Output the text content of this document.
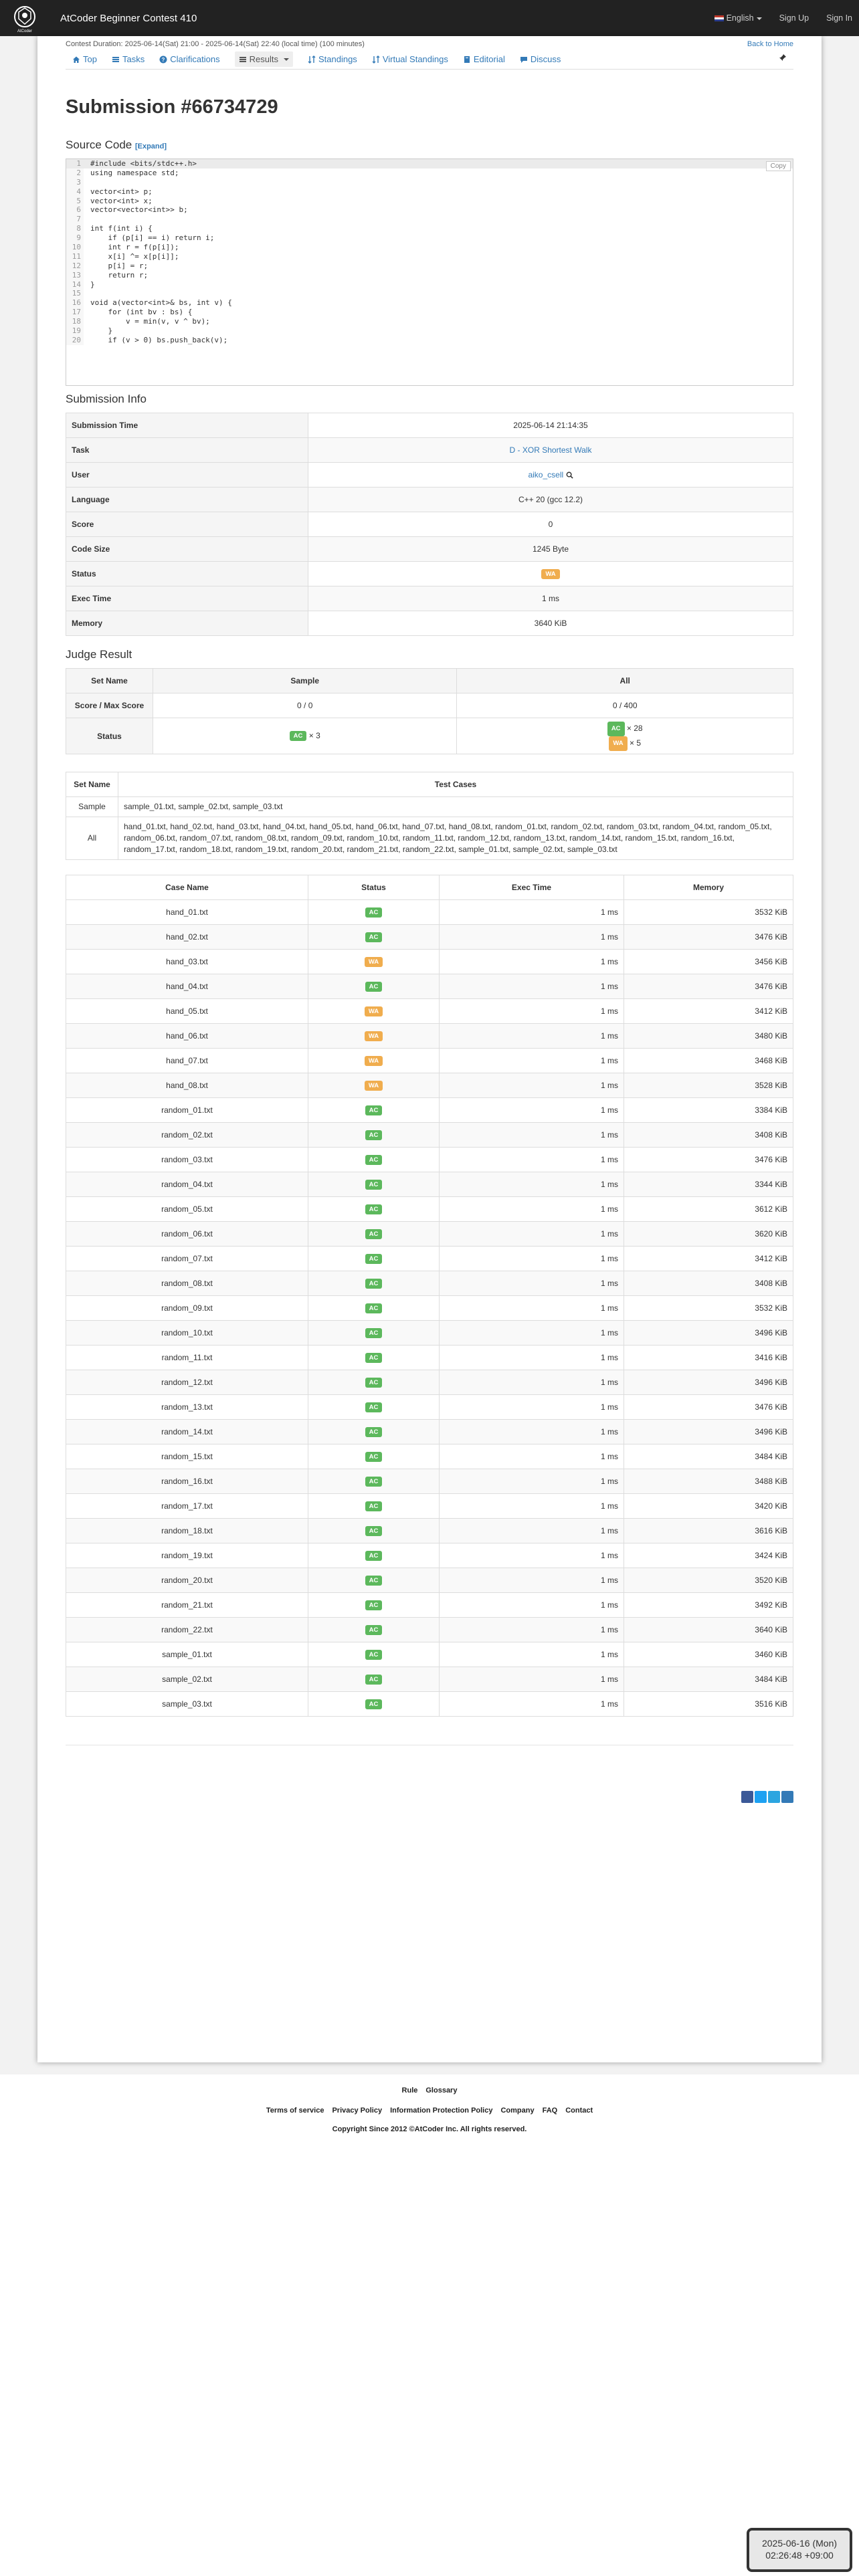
AtCoder
AtCoder Beginner Contest 410	English	Sign Up Sign In
Contest Duration: 2025-06-14(Sat) 21:00 - 2025-06-14(Sat) 22:40 (local time) (100 minutes)	Back to Home
Top	Tasks	? Clarifications	Results	Standings	Virtual Standings	Editorial	Discuss
Submission #66734729
Source Code [Expand]
Copy
1	#include <bits/stdc++.h>
2	using namespace std;
3
4	vector<int> p;
5	vector<int> x;
6	vector<vector<int>> b;
7
8	int f(int i) {
9	if (p[i] == i) return i;
10	int r = f(p[i]);
11	x[i] ^= x[p[i]];
12	p[i] = r;
13	return r;
14	}
15
16	void a(vector<int>& bs, int v) {
17	for (int bv : bs) {
18	v = min(v, v ^ bv);
19	}
20	if (v > 0) bs.push_back(v);
Submission Info
Submission Time	2025-06-14 21:14:35
Task	D - XOR Shortest Walk
User	aiko_csell
Language	C++ 20 (gcc 12.2)
Score	0
Code Size	1245 Byte
Status	WA
Exec Time	1 ms
Memory	3640 KiB
Judge Result
Set Name	Sample	All
Score / Max Score	0 / 0	0 / 400
Status	AC × 3	AC × 28
WA × 5
Set Name	Test Cases
Sample	sample_01.txt, sample_02.txt, sample_03.txt
All	hand_01.txt, hand_02.txt, hand_03.txt, hand_04.txt, hand_05.txt, hand_06.txt, hand_07.txt, hand_08.txt, random_01.txt, random_02.txt, random_03.txt, random_04.txt, random_05.txt, random_06.txt, random_07.txt, random_08.txt, random_09.txt, random_10.txt, random_11.txt, random_12.txt, random_13.txt, random_14.txt, random_15.txt, random_16.txt, random_17.txt, random_18.txt, random_19.txt, random_20.txt, random_21.txt, random_22.txt, sample_01.txt, sample_02.txt, sample_03.txt
Case Name	Status	Exec Time	Memory
hand_01.txt	AC	1 ms	3532 KiB
hand_02.txt	AC	1 ms	3476 KiB
hand_03.txt	WA	1 ms	3456 KiB
hand_04.txt	AC	1 ms	3476 KiB
hand_05.txt	WA	1 ms	3412 KiB
hand_06.txt	WA	1 ms	3480 KiB
hand_07.txt	WA	1 ms	3468 KiB
hand_08.txt	WA	1 ms	3528 KiB
random_01.txt	AC	1 ms	3384 KiB
random_02.txt	AC	1 ms	3408 KiB
random_03.txt	AC	1 ms	3476 KiB
random_04.txt	AC	1 ms	3344 KiB
random_05.txt	AC	1 ms	3612 KiB
random_06.txt	AC	1 ms	3620 KiB
random_07.txt	AC	1 ms	3412 KiB
random_08.txt	AC	1 ms	3408 KiB
random_09.txt	AC	1 ms	3532 KiB
random_10.txt	AC	1 ms	3496 KiB
random_11.txt	AC	1 ms	3416 KiB
random_12.txt	AC	1 ms	3496 KiB
random_13.txt	AC	1 ms	3476 KiB
random_14.txt	AC	1 ms	3496 KiB
random_15.txt	AC	1 ms	3484 KiB
random_16.txt	AC	1 ms	3488 KiB
random_17.txt	AC	1 ms	3420 KiB
random_18.txt	AC	1 ms	3616 KiB
random_19.txt	AC	1 ms	3424 KiB
random_20.txt	AC	1 ms	3520 KiB
random_21.txt	AC	1 ms	3492 KiB
random_22.txt	AC	1 ms	3640 KiB
sample_01.txt	AC	1 ms	3460 KiB
sample_02.txt	AC	1 ms	3484 KiB
sample_03.txt	AC	1 ms	3516 KiB
Rule Glossary
Terms of service Privacy Policy Information Protection Policy Company FAQ Contact
Copyright Since 2012 ©AtCoder Inc. All rights reserved.
2025-06-16 (Mon)
02:26:48 +09:00
